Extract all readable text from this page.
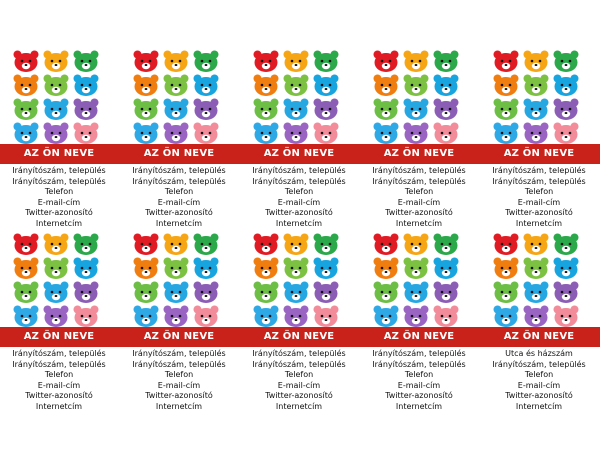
AZ ÖN NEVE
Irányítószám, település
Irányítószám, település
Telefon
E-mail-cím
Twitter-azonosító
Internetcím
AZ ÖN NEVE
Irányítószám, település
Irányítószám, település
Telefon
E-mail-cím
Twitter-azonosító
Internetcím
AZ ÖN NEVE
Irányítószám, település
Irányítószám, település
Telefon
E-mail-cím
Twitter-azonosító
Internetcím
AZ ÖN NEVE
Irányítószám, település
Irányítószám, település
Telefon
E-mail-cím
Twitter-azonosító
Internetcím
AZ ÖN NEVE
Irányítószám, település
Irányítószám, település
Telefon
E-mail-cím
Twitter-azonosító
Internetcím
AZ ÖN NEVE
Irányítószám, település
Irányítószám, település
Telefon
E-mail-cím
Twitter-azonosító
Internetcím
AZ ÖN NEVE
Irányítószám, település
Irányítószám, település
Telefon
E-mail-cím
Twitter-azonosító
Internetcím
AZ ÖN NEVE
Irányítószám, település
Irányítószám, település
Telefon
E-mail-cím
Twitter-azonosító
Internetcím
AZ ÖN NEVE
Irányítószám, település
Irányítószám, település
Telefon
E-mail-cím
Twitter-azonosító
Internetcím
AZ ÖN NEVE
Utca és házszám
Irányítószám, település
Telefon
E-mail-cím
Twitter-azonosító
Internetcím
